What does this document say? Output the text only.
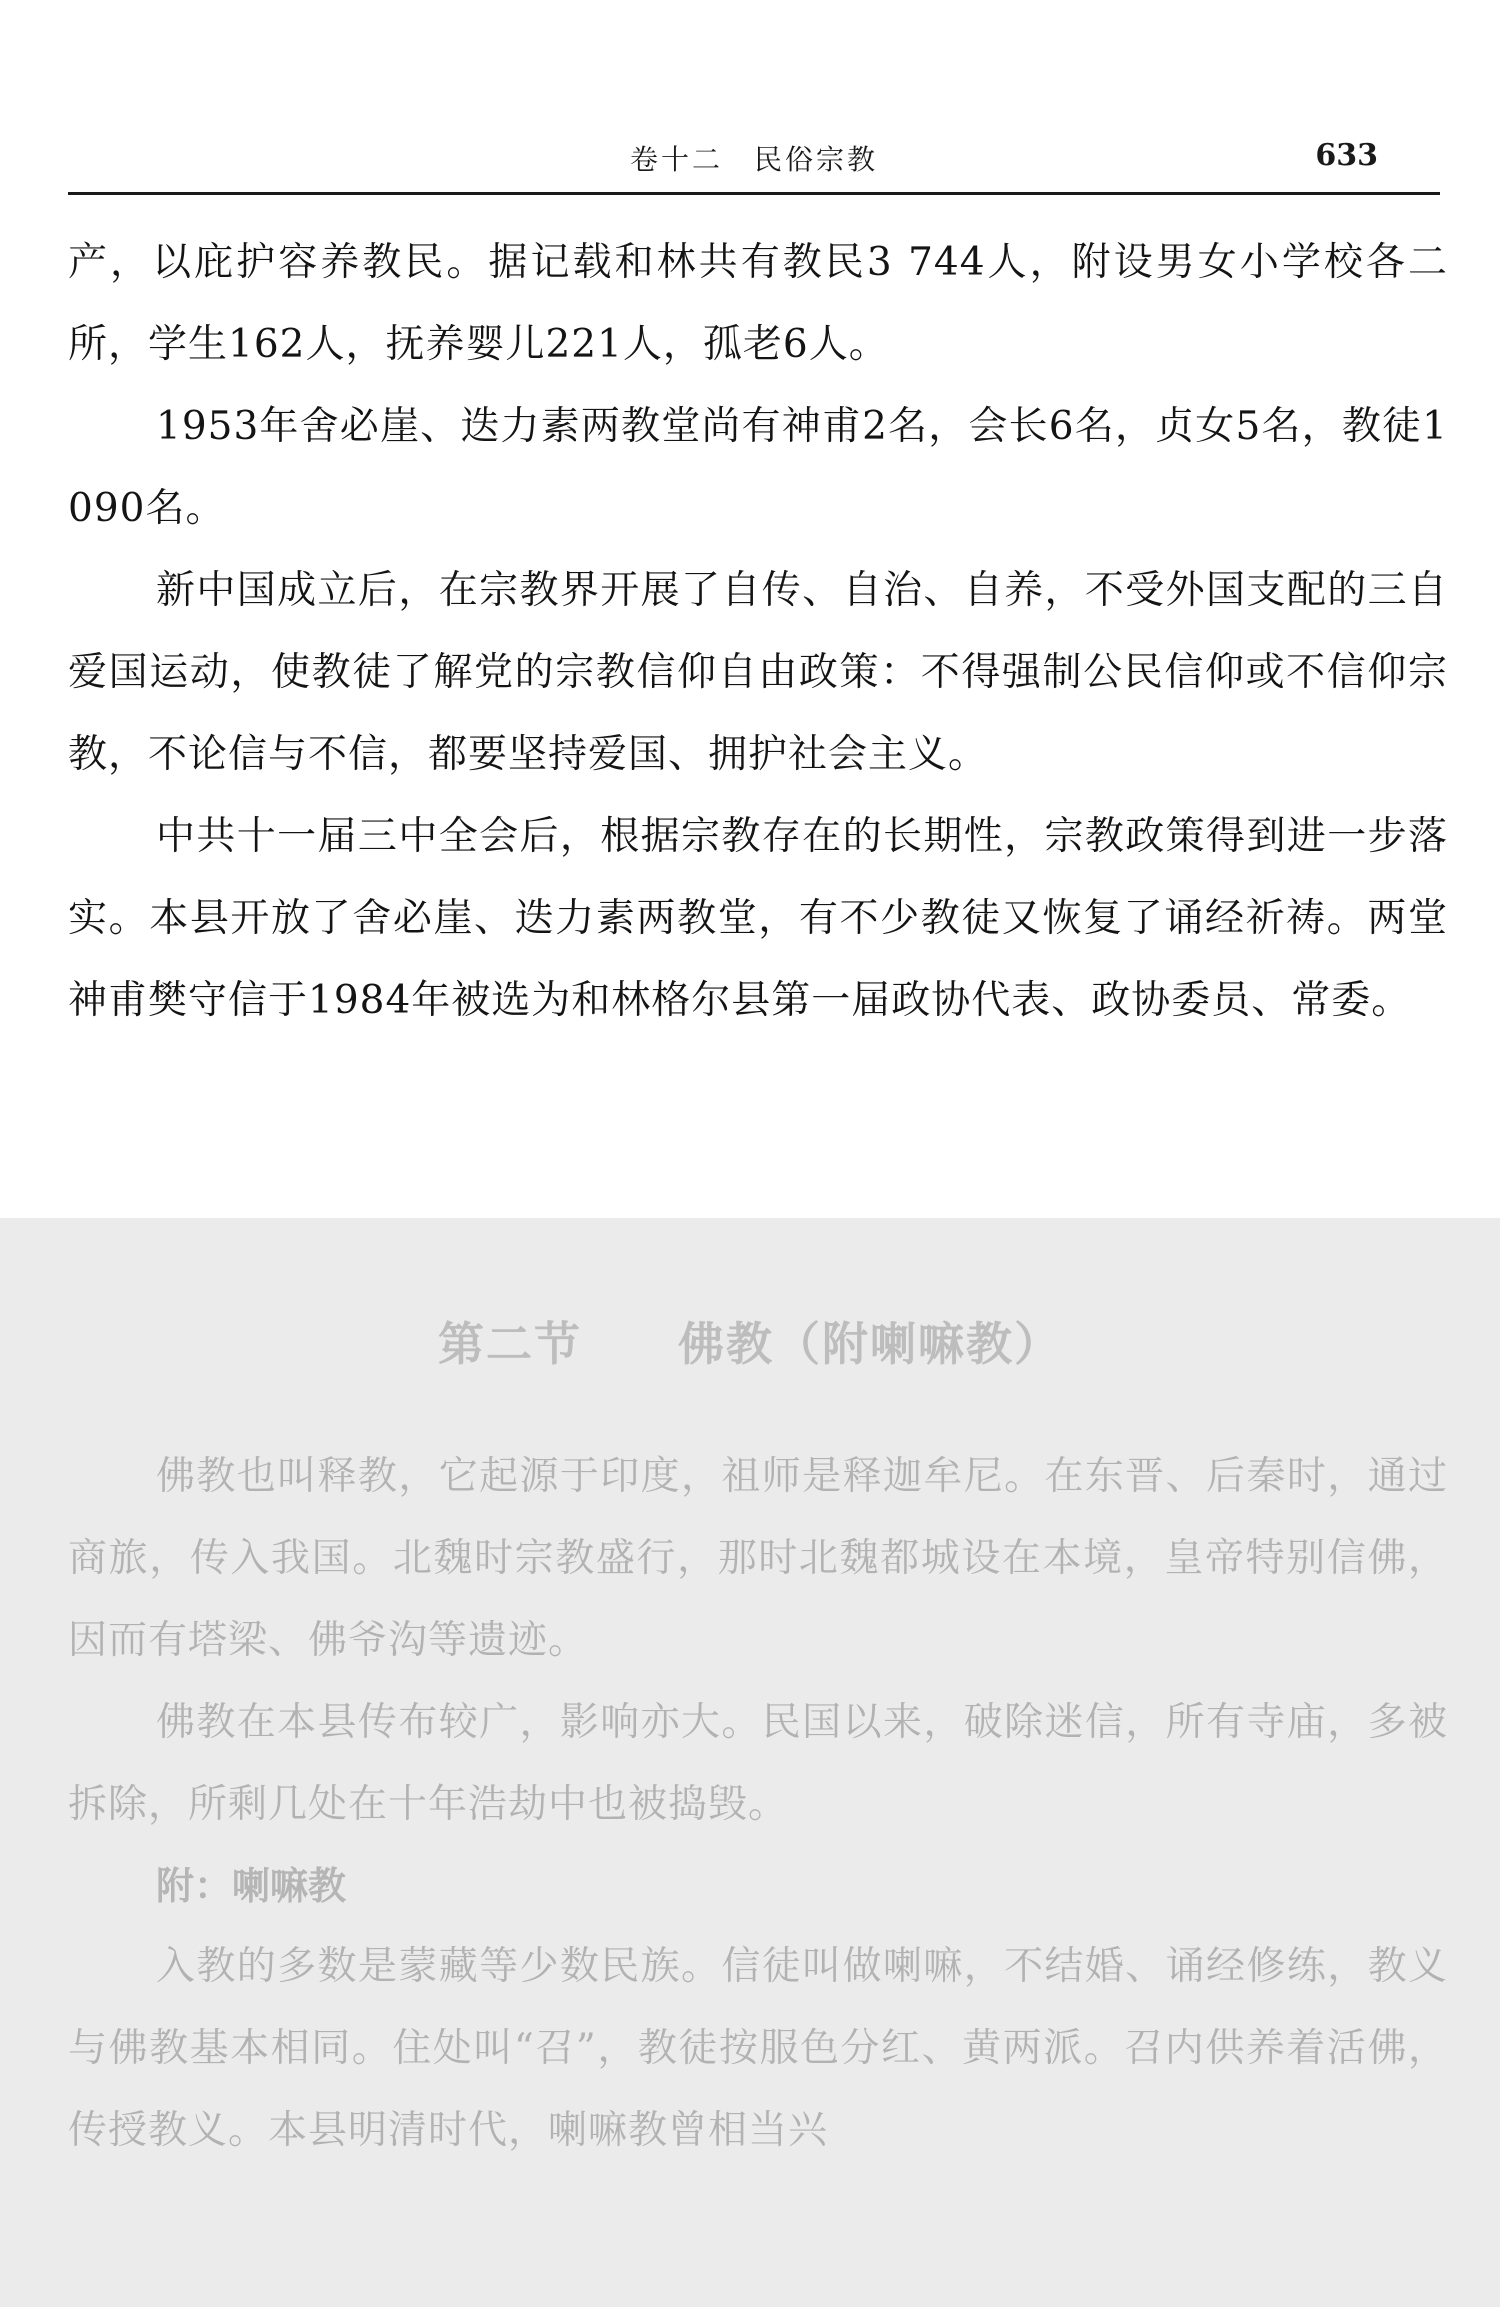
卷十二　民俗宗教	633

产，以庇护容养教民。据记载和林共有教民3 744人，附设男女小学校各二所，学生162人，抚养婴儿221人，孤老6人。

1953年舍必崖、迭力素两教堂尚有神甫2名，会长6名，贞女5名，教徒1 090名。

新中国成立后，在宗教界开展了自传、自治、自养，不受外国支配的三自爱国运动，使教徒了解党的宗教信仰自由政策：不得强制公民信仰或不信仰宗教，不论信与不信，都要坚持爱国、拥护社会主义。

中共十一届三中全会后，根据宗教存在的长期性，宗教政策得到进一步落实。本县开放了舍必崖、迭力素两教堂，有不少教徒又恢复了诵经祈祷。两堂神甫樊守信于1984年被选为和林格尔县第一届政协代表、政协委员、常委。

第二节　　佛教（附喇嘛教）

佛教也叫释教，它起源于印度，祖师是释迦牟尼。在东晋、后秦时，通过商旅，传入我国。北魏时宗教盛行，那时北魏都城设在本境，皇帝特别信佛，因而有塔梁、佛爷沟等遗迹。

佛教在本县传布较广，影响亦大。民国以来，破除迷信，所有寺庙，多被拆除，所剩几处在十年浩劫中也被捣毁。

附：喇嘛教

入教的多数是蒙藏等少数民族。信徒叫做喇嘛，不结婚、诵经修练，教义与佛教基本相同。住处叫“召”，教徒按服色分红、黄两派。召内供养着活佛，传授教义。本县明清时代，喇嘛教曾相当兴
